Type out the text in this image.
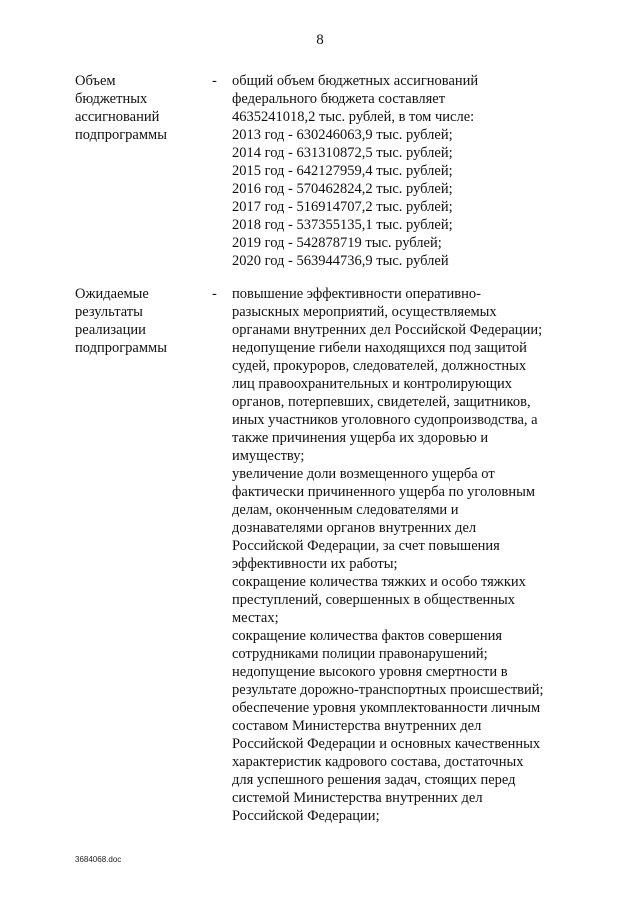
8
Объем
бюджетных
ассигнований
подпрограммы
- общий объем бюджетных ассигнований
федерального бюджета составляет
4635241018,2 тыс. рублей, в том числе:
2013 год - 630246063,9 тыс. рублей;
2014 год - 631310872,5 тыс. рублей;
2015 год - 642127959,4 тыс. рублей;
2016 год - 570462824,2 тыс. рублей;
2017 год - 516914707,2 тыс. рублей;
2018 год - 537355135,1 тыс. рублей;
2019 год - 542878719 тыс. рублей;
2020 год - 563944736,9 тыс. рублей
Ожидаемые
результаты
реализации
подпрограммы
- повышение эффективности оперативно-
разыскных мероприятий, осуществляемых
органами внутренних дел Российской Федерации;
недопущение гибели находящихся под защитой
судей, прокуроров, следователей, должностных
лиц правоохранительных и контролирующих
органов, потерпевших, свидетелей, защитников,
иных участников уголовного судопроизводства, а
также причинения ущерба их здоровью и
имуществу;
увеличение доли возмещенного ущерба от
фактически причиненного ущерба по уголовным
делам, оконченным следователями и
дознавателями органов внутренних дел
Российской Федерации, за счет повышения
эффективности их работы;
сокращение количества тяжких и особо тяжких
преступлений, совершенных в общественных
местах;
сокращение количества фактов совершения
сотрудниками полиции правонарушений;
недопущение высокого уровня смертности в
результате дорожно-транспортных происшествий;
обеспечение уровня укомплектованности личным
составом Министерства внутренних дел
Российской Федерации и основных качественных
характеристик кадрового состава, достаточных
для успешного решения задач, стоящих перед
системой Министерства внутренних дел
Российской Федерации;
3684068.doc
